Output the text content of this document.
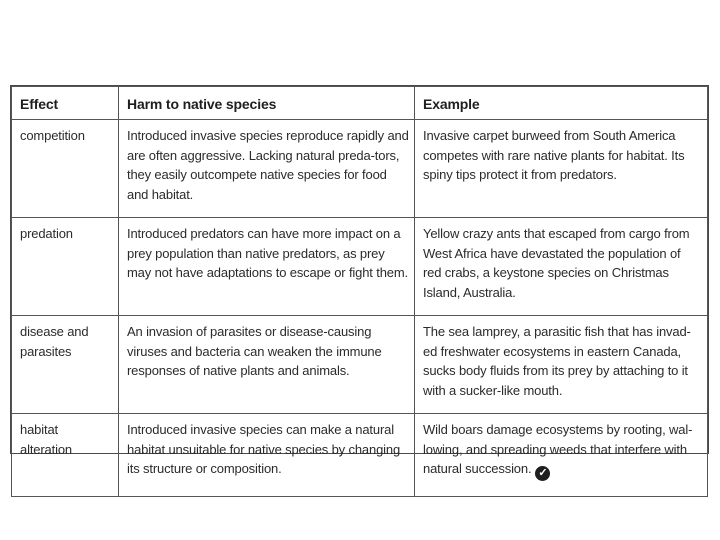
Effect	Harm to native species	Example
competition	Introduced invasive species reproduce rapidly and are often aggressive. Lacking natural preda-tors, they easily outcompete native species for food and habitat.	Invasive carpet burweed from South America competes with rare native plants for habitat. Its spiny tips protect it from predators.
predation	Introduced predators can have more impact on a prey population than native predators, as prey may not have adaptations to escape or fight them.	Yellow crazy ants that escaped from cargo from West Africa have devastated the population of red crabs, a keystone species on Christmas Island, Australia.
disease and parasites	An invasion of parasites or disease-causing viruses and bacteria can weaken the immune responses of native plants and animals.	The sea lamprey, a parasitic fish that has invad-ed freshwater ecosystems in eastern Canada, sucks body fluids from its prey by attaching to it with a sucker-like mouth.
habitat alteration	Introduced invasive species can make a natural habitat unsuitable for native species by changing its structure or composition.	Wild boars damage ecosystems by rooting, wal-lowing, and spreading weeds that interfere with natural succession. ✓
